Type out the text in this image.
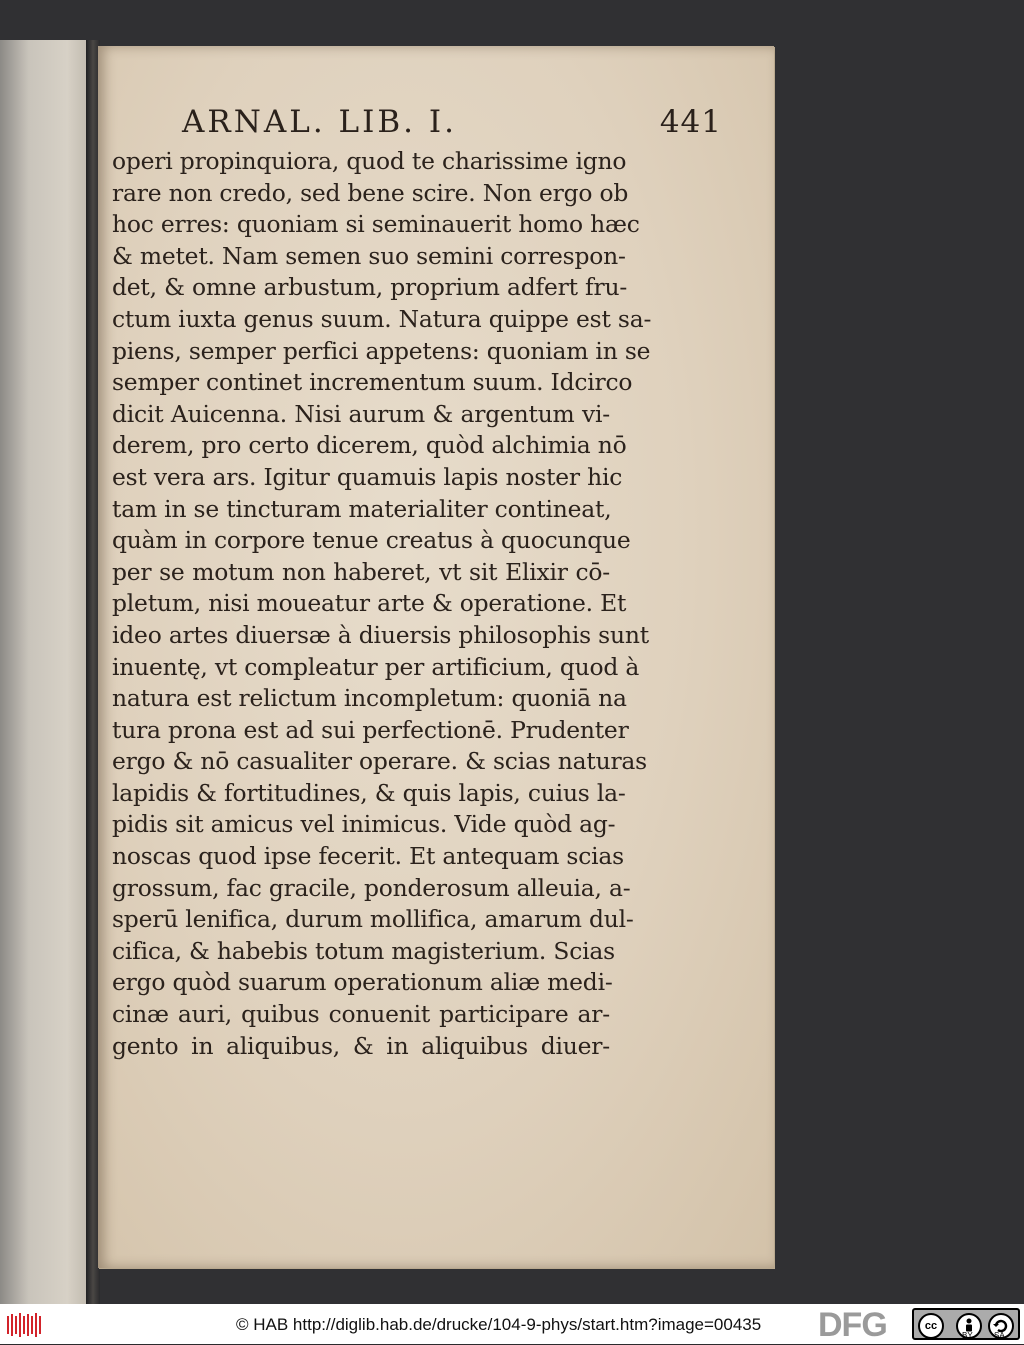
ARNAL. LIB. I.	441
operi propinquiora, quod te charissime igno
rare non credo, sed bene scire. Non ergo ob
hoc erres: quoniam si seminauerit homo hæc
& metet. Nam semen suo semini correspon-
det, & omne arbustum, proprium adfert fru-
ctum iuxta genus suum. Natura quippe est sa-
piens, semper perfici appetens: quoniam in se
semper continet incrementum suum. Idcirco
dicit Auicenna. Nisi aurum & argentum vi-
derem, pro certo dicerem, quòd alchimia nō
est vera ars. Igitur quamuis lapis noster hic
tam in se tincturam materialiter contineat,
quàm in corpore tenue creatus à quocunque
per se motum non haberet, vt sit Elixir cō-
pletum, nisi moueatur arte & operatione. Et
ideo artes diuersæ à diuersis philosophis sunt
inuentę, vt compleatur per artificium, quod à
natura est relictum incompletum: quoniā na
tura prona est ad sui perfectionē. Prudenter
ergo & nō casualiter operare. & scias naturas
lapidis & fortitudines, & quis lapis, cuius la-
pidis sit amicus vel inimicus. Vide quòd ag-
noscas quod ipse fecerit. Et antequam scias
grossum, fac gracile, ponderosum alleuia, a-
sperū lenifica, durum mollifica, amarum dul-
cifica, & habebis totum magisterium. Scias
ergo quòd suarum operationum aliæ medi-
cinæ auri, quibus conuenit participare ar-
gento in aliquibus, & in aliquibus diuer-
© HAB http://diglib.hab.de/drucke/104-9-phys/start.htm?image=00435 DFG	cc
BY	SA
